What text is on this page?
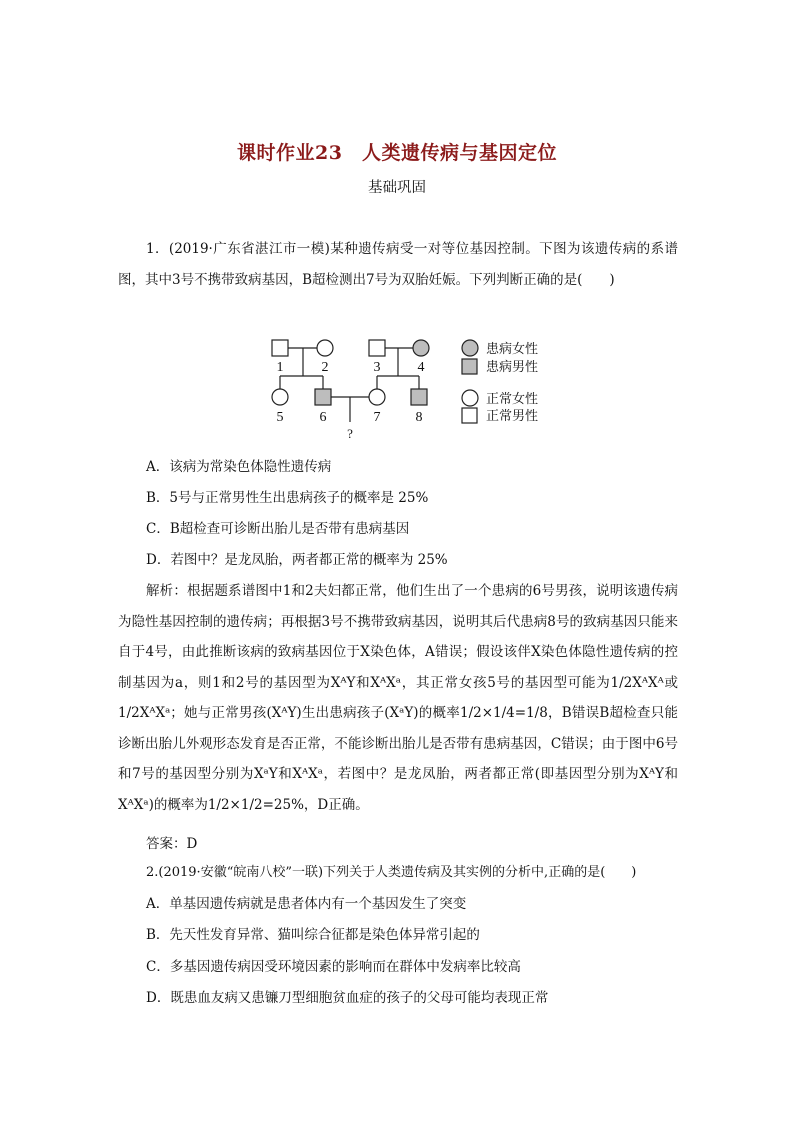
课时作业23　人类遗传病与基因定位
基础巩固

1．(2019·广东省湛江市一模)某种遗传病受一对等位基因控制。下图为该遗传病的系谱图，其中3号不携带致病基因，B超检测出7号为双胎妊娠。下列判断正确的是(　　)

1	2	3	4
5	6	7	8
?
患病女性
患病男性
正常女性
正常男性
A．该病为常染色体隐性遗传病
B．5号与正常男性生出患病孩子的概率是 25%
C．B超检查可诊断出胎儿是否带有患病基因
D．若图中？是龙凤胎，两者都正常的概率为 25%

解析：根据题系谱图中1和2夫妇都正常，他们生出了一个患病的6号男孩，说明该遗传病为隐性基因控制的遗传病；再根据3号不携带致病基因，说明其后代患病8号的致病基因只能来自于4号，由此推断该病的致病基因位于X染色体，A错误；假设该伴X染色体隐性遗传病的控制基因为a，则1和2号的基因型为XᴬY和XᴬXᵃ，其正常女孩5号的基因型可能为1/2XᴬXᴬ或1/2XᴬXᵃ；她与正常男孩(XᴬY)生出患病孩子(XᵃY)的概率1/2×1/4=1/8，B错误B超检查只能诊断出胎儿外观形态发育是否正常，不能诊断出胎儿是否带有患病基因，C错误；由于图中6号和7号的基因型分别为XᵃY和XᴬXᵃ，若图中？是龙凤胎，两者都正常(即基因型分别为XᴬY和XᴬXᵃ)的概率为1/2×1/2=25%，D正确。

答案：D
2.(2019·安徽“皖南八校”一联)下列关于人类遗传病及其实例的分析中,正确的是(　　)
A．单基因遗传病就是患者体内有一个基因发生了突变
B．先天性发育异常、猫叫综合征都是染色体异常引起的
C．多基因遗传病因受环境因素的影响而在群体中发病率比较高
D．既患血友病又患镰刀型细胞贫血症的孩子的父母可能均表现正常
